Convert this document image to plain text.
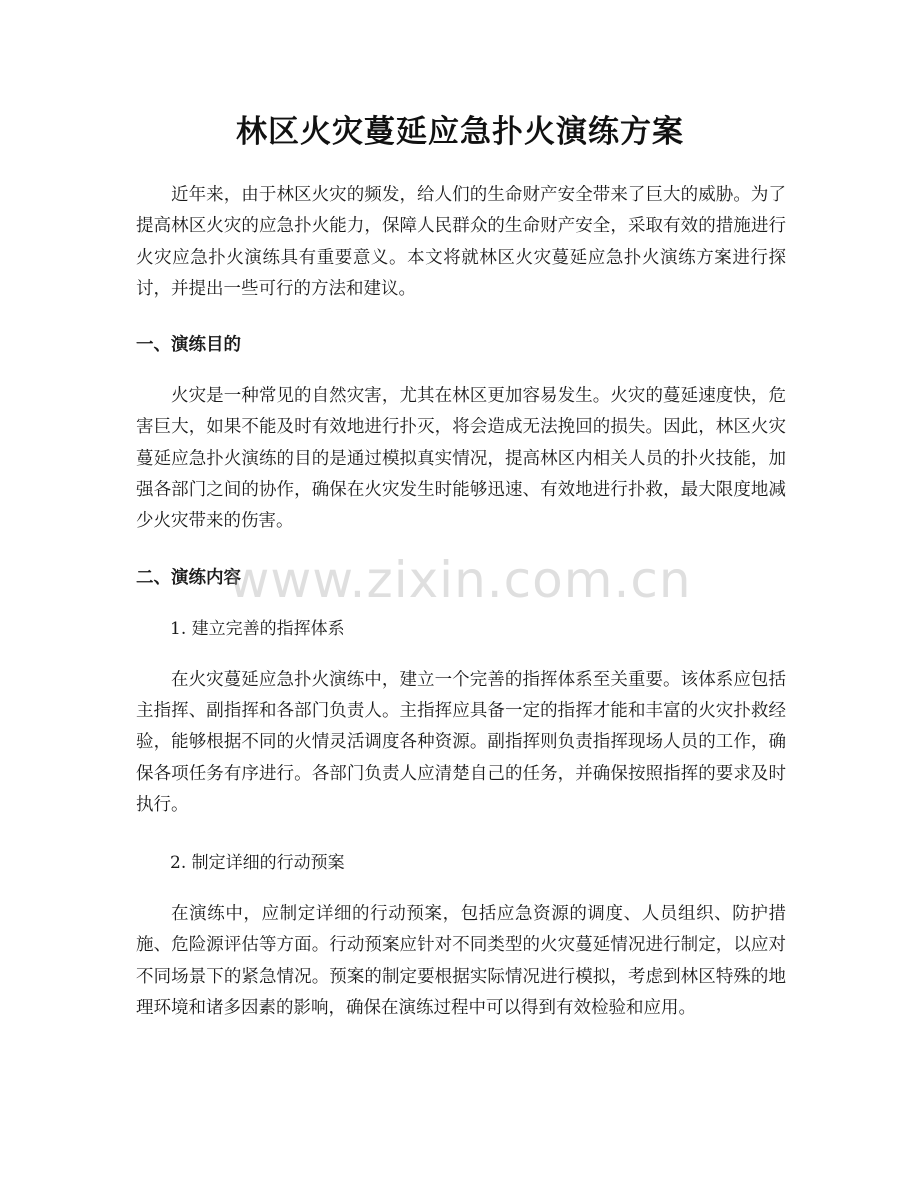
林区火灾蔓延应急扑火演练方案

近年来，由于林区火灾的频发，给人们的生命财产安全带来了巨大的威胁。为了提高林区火灾的应急扑火能力，保障人民群众的生命财产安全，采取有效的措施进行火灾应急扑火演练具有重要意义。本文将就林区火灾蔓延应急扑火演练方案进行探讨，并提出一些可行的方法和建议。

一、演练目的

火灾是一种常见的自然灾害，尤其在林区更加容易发生。火灾的蔓延速度快，危害巨大，如果不能及时有效地进行扑灭，将会造成无法挽回的损失。因此，林区火灾蔓延应急扑火演练的目的是通过模拟真实情况，提高林区内相关人员的扑火技能，加强各部门之间的协作，确保在火灾发生时能够迅速、有效地进行扑救，最大限度地减少火灾带来的伤害。

二、演练内容

1. 建立完善的指挥体系

在火灾蔓延应急扑火演练中，建立一个完善的指挥体系至关重要。该体系应包括主指挥、副指挥和各部门负责人。主指挥应具备一定的指挥才能和丰富的火灾扑救经验，能够根据不同的火情灵活调度各种资源。副指挥则负责指挥现场人员的工作，确保各项任务有序进行。各部门负责人应清楚自己的任务，并确保按照指挥的要求及时执行。

2. 制定详细的行动预案

在演练中，应制定详细的行动预案，包括应急资源的调度、人员组织、防护措施、危险源评估等方面。行动预案应针对不同类型的火灾蔓延情况进行制定，以应对不同场景下的紧急情况。预案的制定要根据实际情况进行模拟，考虑到林区特殊的地理环境和诸多因素的影响，确保在演练过程中可以得到有效检验和应用。

www.zixin.com.cn
